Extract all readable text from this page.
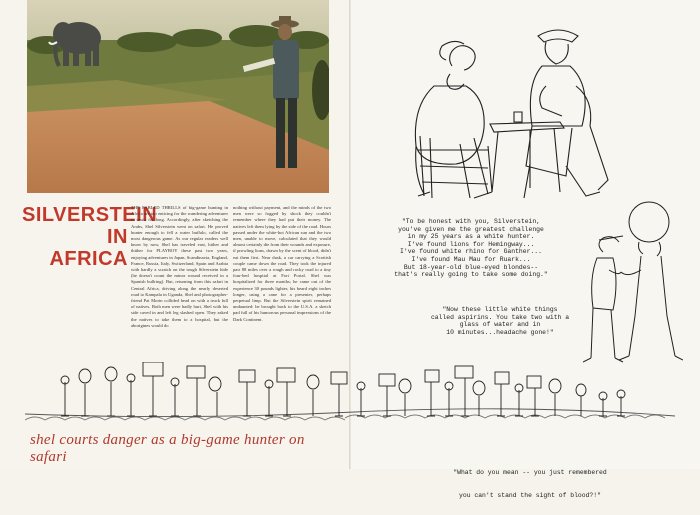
SILVERSTEIN
IN
AFRICA

THE FABLED THRILLS of big-game hunting in Africa are too enticing for the wandering adventurer to resist for long. Accordingly, after sketching the Arabs, Shel Silverstein went on safari. He proved hunter enough to fell a water buffalo, called the most dangerous game. As our regular readers well know by now, Shel has traveled east, hither and thither for PLAYBOY these past two years, enjoying adventures in Japan, Scandinavia, England, France, Russia, Italy, Switzerland, Spain and Arabia with hardly a scratch on the tough Silverstein hide (he doesn't count the minor wound received in a Spanish bullring). But, returning from this safari in Central Africa, driving along the nearly deserted road to Kampala in Uganda, Shel and photographer-friend Pat Morin collided head on with a truck full of natives. Both men were badly hurt, Shel with his side caved in and left leg slashed open. They asked the natives to take them to a hospital, but the aborigines would do

nothing without payment, and the minds of the two men were so fogged by shock they couldn't remember where they had put their money. The natives left them lying by the side of the road. Hours passed under the white-hot African sun and the two men, unable to move, calculated that they would almost certainly die from their wounds and exposure, if prowling lions, drawn by the scent of blood, didn't eat them first. Near dusk, a car carrying a Scottish couple came down the road. They took the injured pair 88 miles over a rough and rocky road to a tiny four-bed hospital at Fort Portal. Shel was hospitalized for three months; he came out of the experience 30 pounds lighter, his beard eight inches longer, using a cane for a presenter, perhaps perpetual limp. But the Silverstein spirit remained undaunted: he brought back to the U.S.A. a sketch pad full of his humorous personal impressions of the Dark Continent.

shel courts danger as a big-game hunter on safari
"To be honest with you, Silverstein,
you've given me the greatest challenge
in my 25 years as a white hunter.
I've found lions for Hemingway...
I've found white rhino for Ganther...
I've found Mau Mau for Ruark...
But 18-year-old blue-eyed blondes--
that's really going to take some doing."
"Now these little white things
called aspirins. You take two with a
glass of water and in
10 minutes...headache gone!"

"What do you mean -- you just remembered

you can't stand the sight of blood?!"
